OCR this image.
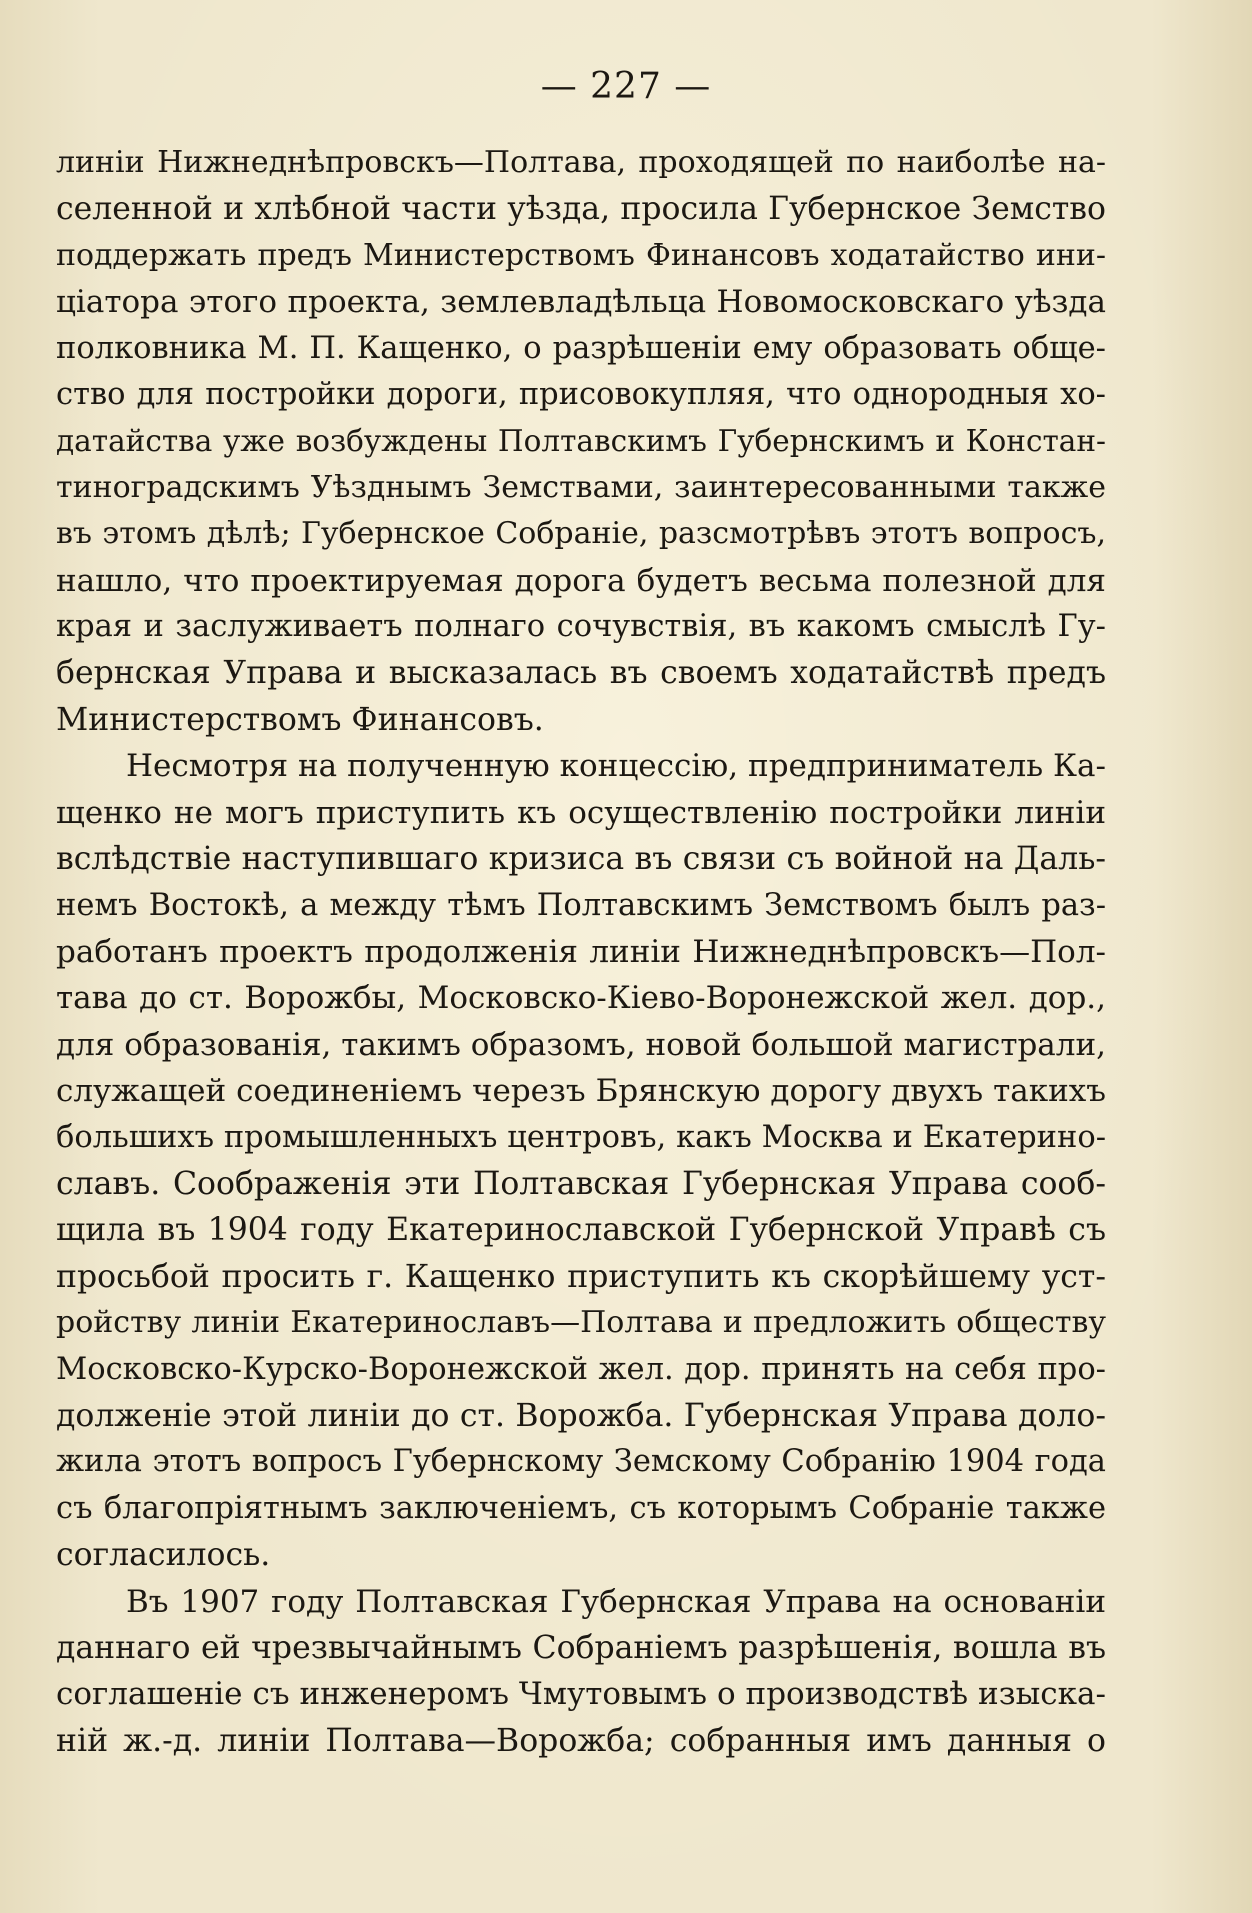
— 227 —
линіи Нижнеднѣпровскъ—Полтава, проходящей по наиболѣе на-
селенной и хлѣбной части уѣзда, просила Губернское Земство
поддержать предъ Министерствомъ Финансовъ ходатайство ини-
ціатора этого проекта, землевладѣльца Новомосковскаго уѣзда
полковника М. П. Кащенко, о разрѣшеніи ему образовать обще-
ство для постройки дороги, присовокупляя, что однородныя хо-
датайства уже возбуждены Полтавскимъ Губернскимъ и Констан-
тиноградскимъ Уѣзднымъ Земствами, заинтересованными также
въ этомъ дѣлѣ; Губернское Собраніе, разсмотрѣвъ этотъ вопросъ,
нашло, что проектируемая дорога будетъ весьма полезной для
края и заслуживаетъ полнаго сочувствія, въ какомъ смыслѣ Гу-
бернская Управа и высказалась въ своемъ ходатайствѣ предъ
Министерствомъ Финансовъ.
Несмотря на полученную концессію, предприниматель Ка-
щенко не могъ приступить къ осуществленію постройки линіи
вслѣдствіе наступившаго кризиса въ связи съ войной на Даль-
немъ Востокѣ, а между тѣмъ Полтавскимъ Земствомъ былъ раз-
работанъ проектъ продолженія линіи Нижнеднѣпровскъ—Пол-
тава до ст. Ворожбы, Московско-Кіево-Воронежской жел. дор.,
для образованія, такимъ образомъ, новой большой магистрали,
служащей соединеніемъ черезъ Брянскую дорогу двухъ такихъ
большихъ промышленныхъ центровъ, какъ Москва и Екатерино-
славъ. Соображенія эти Полтавская Губернская Управа сооб-
щила въ 1904 году Екатеринославской Губернской Управѣ съ
просьбой просить г. Кащенко приступить къ скорѣйшему уст-
ройству линіи Екатеринославъ—Полтава и предложить обществу
Московско-Курско-Воронежской жел. дор. принять на себя про-
долженіе этой линіи до ст. Ворожба. Губернская Управа доло-
жила этотъ вопросъ Губернскому Земскому Собранію 1904 года
съ благопріятнымъ заключеніемъ, съ которымъ Собраніе также
согласилось.
Въ 1907 году Полтавская Губернская Управа на основаніи
даннаго ей чрезвычайнымъ Собраніемъ разрѣшенія, вошла въ
соглашеніе съ инженеромъ Чмутовымъ о производствѣ изыска-
ній ж.-д. линіи Полтава—Ворожба; собранныя имъ данныя о
